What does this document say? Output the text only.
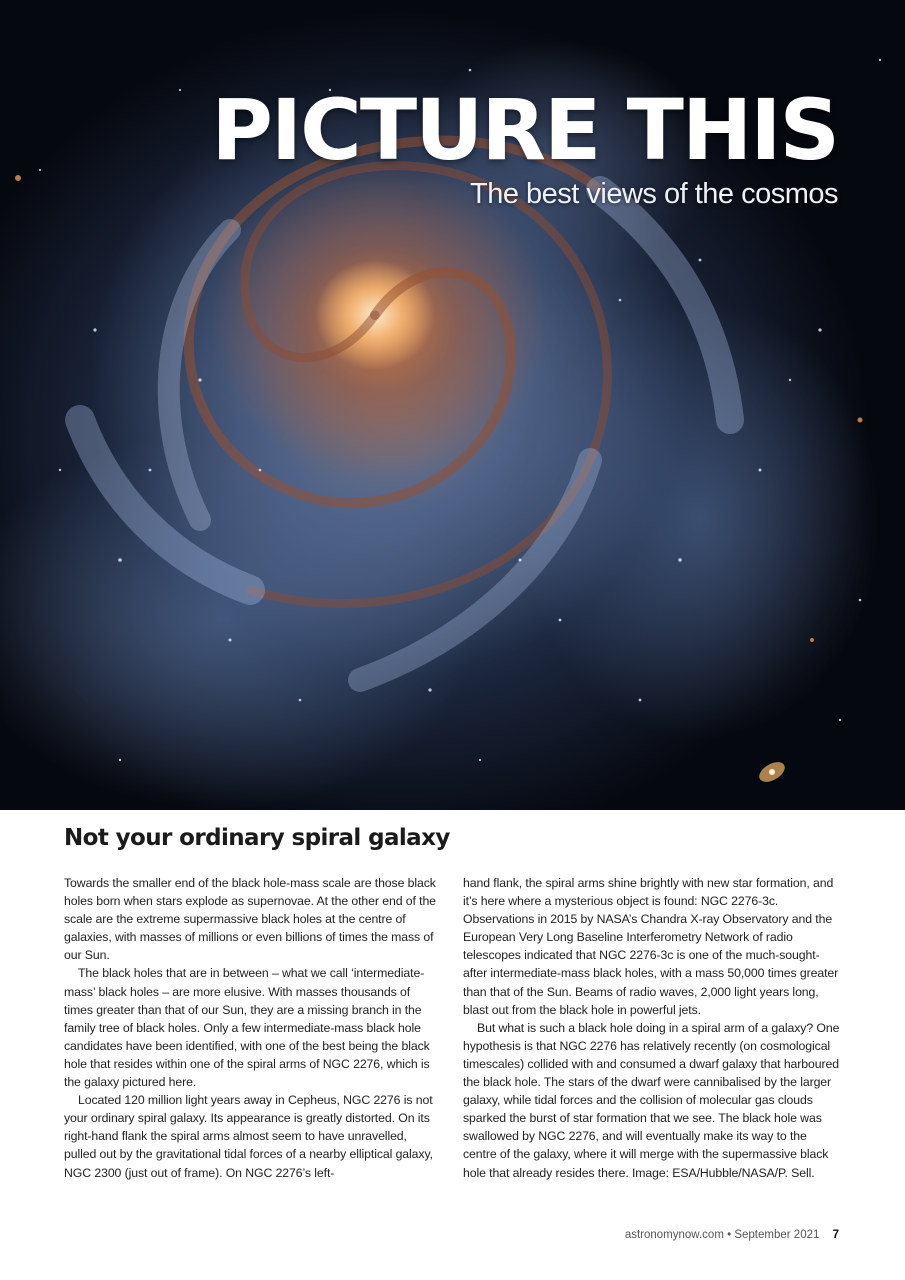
PICTURE THIS
The best views of the cosmos
Not your ordinary spiral galaxy

Towards the smaller end of the black hole-mass scale are those black holes born when stars explode as supernovae. At the other end of the scale are the extreme supermassive black holes at the centre of galaxies, with masses of millions or even billions of times the mass of our Sun.

The black holes that are in between – what we call ‘intermediate-mass’ black holes – are more elusive. With masses thousands of times greater than that of our Sun, they are a missing branch in the family tree of black holes. Only a few intermediate-mass black hole candidates have been identified, with one of the best being the black hole that resides within one of the spiral arms of NGC 2276, which is the galaxy pictured here.

Located 120 million light years away in Cepheus, NGC 2276 is not your ordinary spiral galaxy. Its appearance is greatly distorted. On its right-hand flank the spiral arms almost seem to have unravelled, pulled out by the gravitational tidal forces of a nearby elliptical galaxy, NGC 2300 (just out of frame). On NGC 2276’s left-

hand flank, the spiral arms shine brightly with new star formation, and it’s here where a mysterious object is found: NGC 2276-3c. Observations in 2015 by NASA’s Chandra X-ray Observatory and the European Very Long Baseline Interferometry Network of radio telescopes indicated that NGC 2276-3c is one of the much-sought-after intermediate-mass black holes, with a mass 50,000 times greater than that of the Sun. Beams of radio waves, 2,000 light years long, blast out from the black hole in powerful jets.

But what is such a black hole doing in a spiral arm of a galaxy? One hypothesis is that NGC 2276 has relatively recently (on cosmological timescales) collided with and consumed a dwarf galaxy that harboured the black hole. The stars of the dwarf were cannibalised by the larger galaxy, while tidal forces and the collision of molecular gas clouds sparked the burst of star formation that we see. The black hole was swallowed by NGC 2276, and will eventually make its way to the centre of the galaxy, where it will merge with the supermassive black hole that already resides there. Image: ESA/Hubble/NASA/P. Sell.

astronomynow.com • September 2021 7
